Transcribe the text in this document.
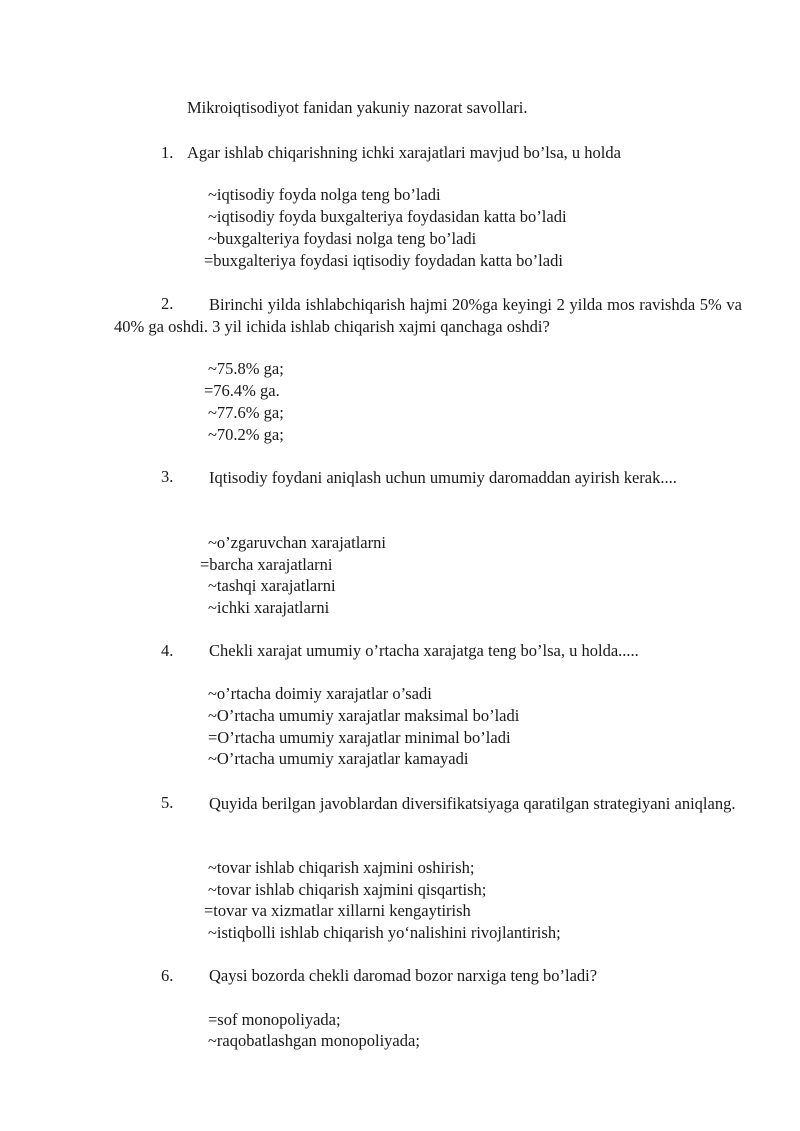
Mikroiqtisodiyot fanidan yakuniy nazorat savollari.
1. Agar ishlab chiqarishning ichki xarajatlari mavjud bo’lsa, u holda
~iqtisodiy foyda nolga teng bo’ladi
~iqtisodiy foyda buxgalteriya foydasidan katta bo’ladi
~buxgalteriya foydasi nolga teng bo’ladi
=buxgalteriya foydasi iqtisodiy foydadan katta bo’ladi
2.	Birinchi yilda ishlabchiqarish hajmi 20%ga keyingi 2 yilda mos ravishda 5% va 40% ga oshdi. 3 yil ichida ishlab chiqarish xajmi qanchaga oshdi?
~75.8% ga;
=76.4% ga.
~77.6% ga;
~70.2% ga;
3.	Iqtisodiy foydani aniqlash uchun umumiy daromaddan ayirish kerak....
~o’zgaruvchan xarajatlarni
=barcha xarajatlarni
~tashqi xarajatlarni
~ichki xarajatlarni
4. Chekli xarajat umumiy o’rtacha xarajatga teng bo’lsa, u holda.....
~o’rtacha doimiy xarajatlar o’sadi
~O’rtacha umumiy xarajatlar maksimal bo’ladi
=O’rtacha umumiy xarajatlar minimal bo’ladi
~O’rtacha umumiy xarajatlar kamayadi
5.	Quyida berilgan javoblardan diversifikatsiyaga qaratilgan strategiyani aniqlang.
~tovar ishlab chiqarish xajmini oshirish;
~tovar ishlab chiqarish xajmini qisqartish;
=tovar va xizmatlar xillarni kengaytirish
~istiqbolli ishlab chiqarish yo‘nalishini rivojlantirish;
6. Qaysi bozorda chekli daromad bozor narxiga teng bo’ladi?
=sof monopoliyada;
~raqobatlashgan monopoliyada;
